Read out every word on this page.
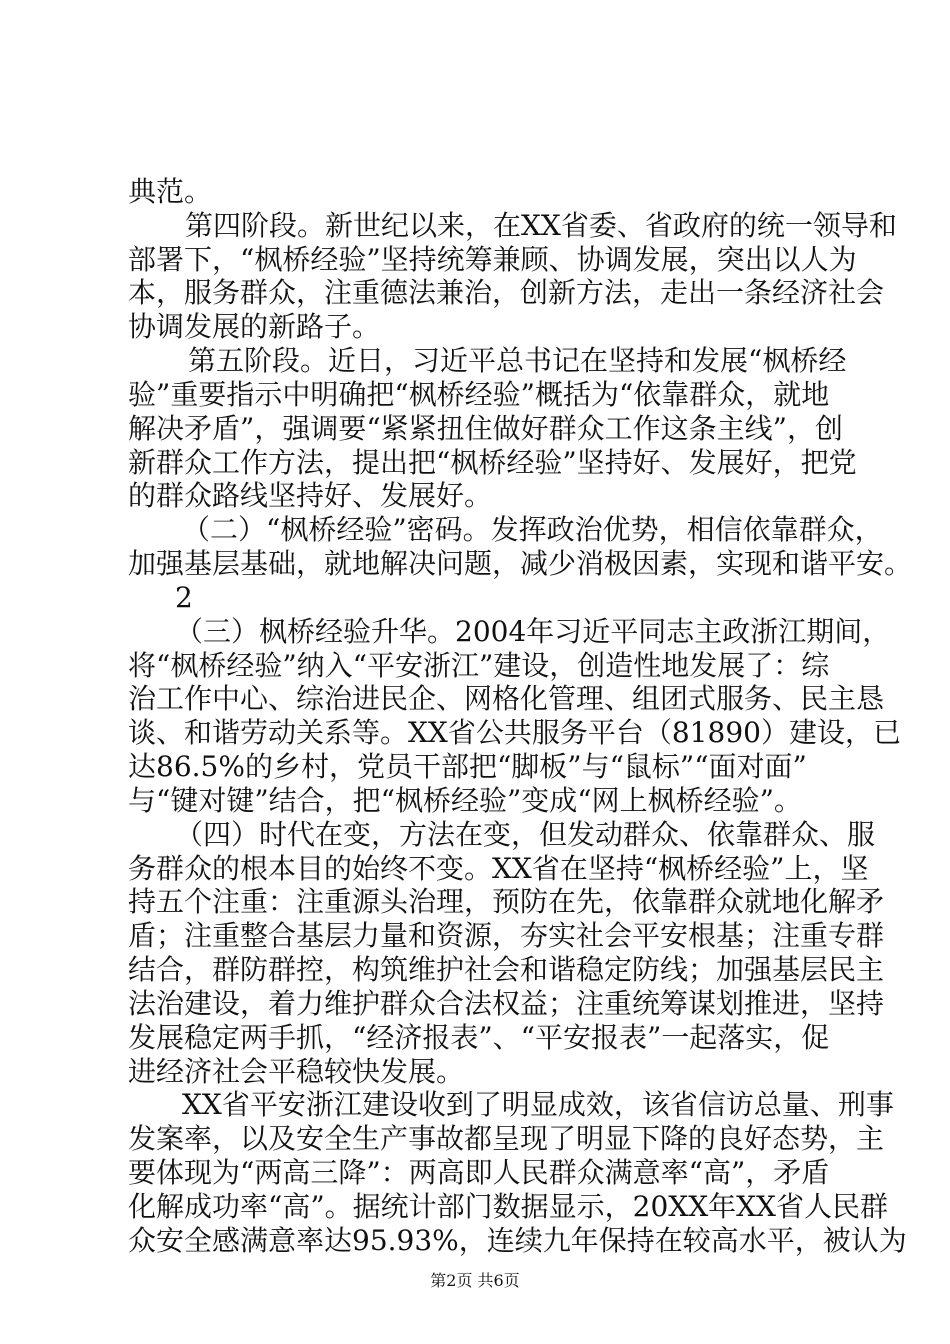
典范。
第四阶段。新世纪以来，在XX省委、省政府的统一领导和
部署下，“枫桥经验”坚持统筹兼顾、协调发展，突出以人为
本，服务群众，注重德法兼治，创新方法，走出一条经济社会
协调发展的新路子。
第五阶段。近日，习近平总书记在坚持和发展“枫桥经
验”重要指示中明确把“枫桥经验”概括为“依靠群众，就地
解决矛盾”，强调要“紧紧扭住做好群众工作这条主线”，创
新群众工作方法，提出把“枫桥经验”坚持好、发展好，把党
的群众路线坚持好、发展好。
（二）“枫桥经验”密码。发挥政治优势，相信依靠群众，
加强基层基础，就地解决问题，减少消极因素，实现和谐平安。
2
（三）枫桥经验升华。2004年习近平同志主政浙江期间，
将“枫桥经验”纳入“平安浙江”建设，创造性地发展了：综
治工作中心、综治进民企、网格化管理、组团式服务、民主恳
谈、和谐劳动关系等。XX省公共服务平台（81890）建设，已
达86.5%的乡村，党员干部把“脚板”与“鼠标”“面对面”
与“键对键”结合，把“枫桥经验”变成“网上枫桥经验”。
（四）时代在变，方法在变，但发动群众、依靠群众、服
务群众的根本目的始终不变。XX省在坚持“枫桥经验”上，坚
持五个注重：注重源头治理，预防在先，依靠群众就地化解矛
盾；注重整合基层力量和资源，夯实社会平安根基；注重专群
结合，群防群控，构筑维护社会和谐稳定防线；加强基层民主
法治建设，着力维护群众合法权益；注重统筹谋划推进，坚持
发展稳定两手抓，“经济报表”、“平安报表”一起落实，促
进经济社会平稳较快发展。
XX省平安浙江建设收到了明显成效，该省信访总量、刑事
发案率，以及安全生产事故都呈现了明显下降的良好态势，主
要体现为“两高三降”：两高即人民群众满意率“高”，矛盾
化解成功率“高”。据统计部门数据显示，20XX年XX省人民群
众安全感满意率达95.93%，连续九年保持在较高水平，被认为
第2页 共6页
